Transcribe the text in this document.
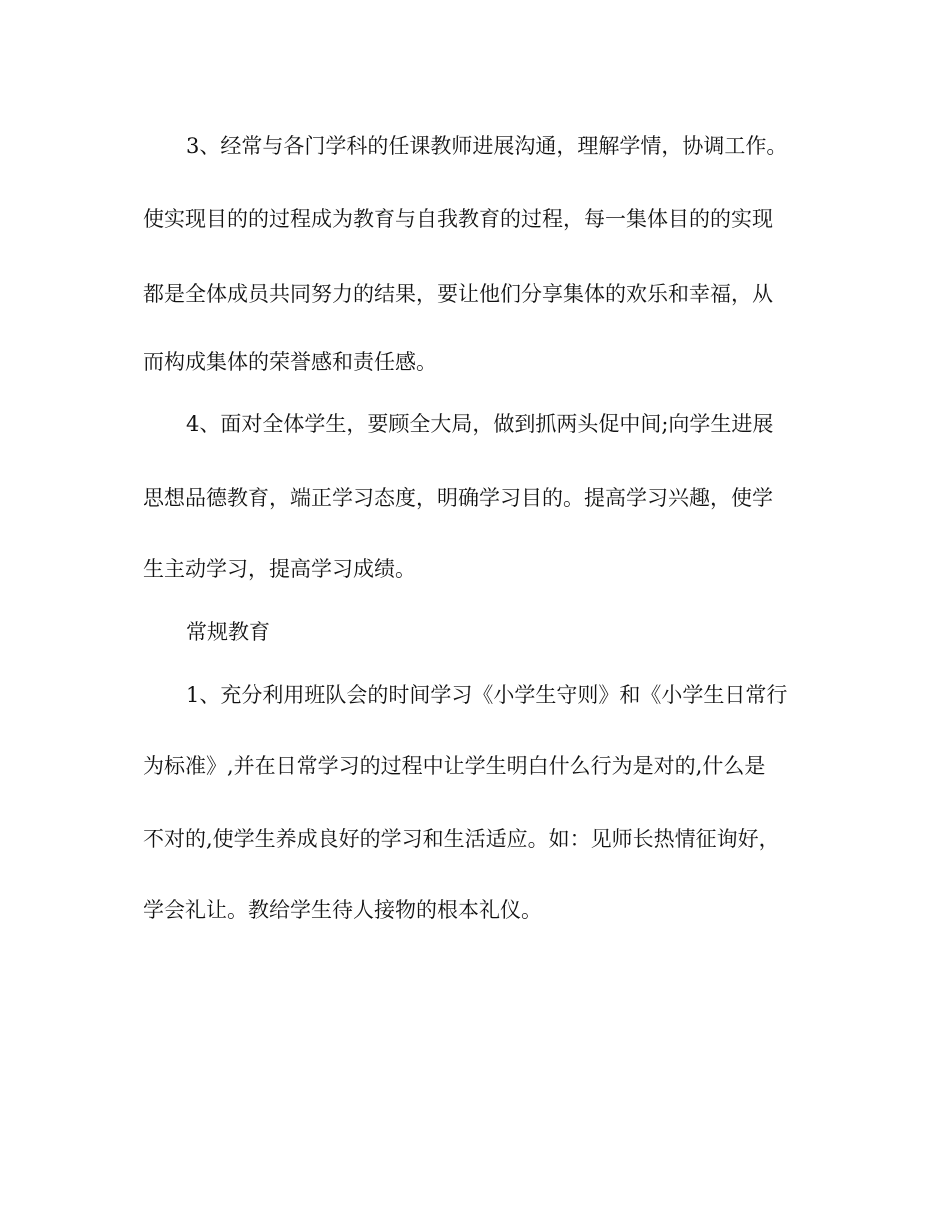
3、经常与各门学科的任课教师进展沟通，理解学情，协调工作。
使实现目的的过程成为教育与自我教育的过程，每一集体目的的实现
都是全体成员共同努力的结果，要让他们分享集体的欢乐和幸福，从
而构成集体的荣誉感和责任感。
4、面对全体学生，要顾全大局，做到抓两头促中间;向学生进展
思想品德教育，端正学习态度，明确学习目的。提高学习兴趣，使学
生主动学习，提高学习成绩。
常规教育
1、充分利用班队会的时间学习《小学生守则》和《小学生日常行
为标准》,并在日常学习的过程中让学生明白什么行为是对的,什么是
不对的,使学生养成良好的学习和生活适应。如：见师长热情征询好，
学会礼让。教给学生待人接物的根本礼仪。
